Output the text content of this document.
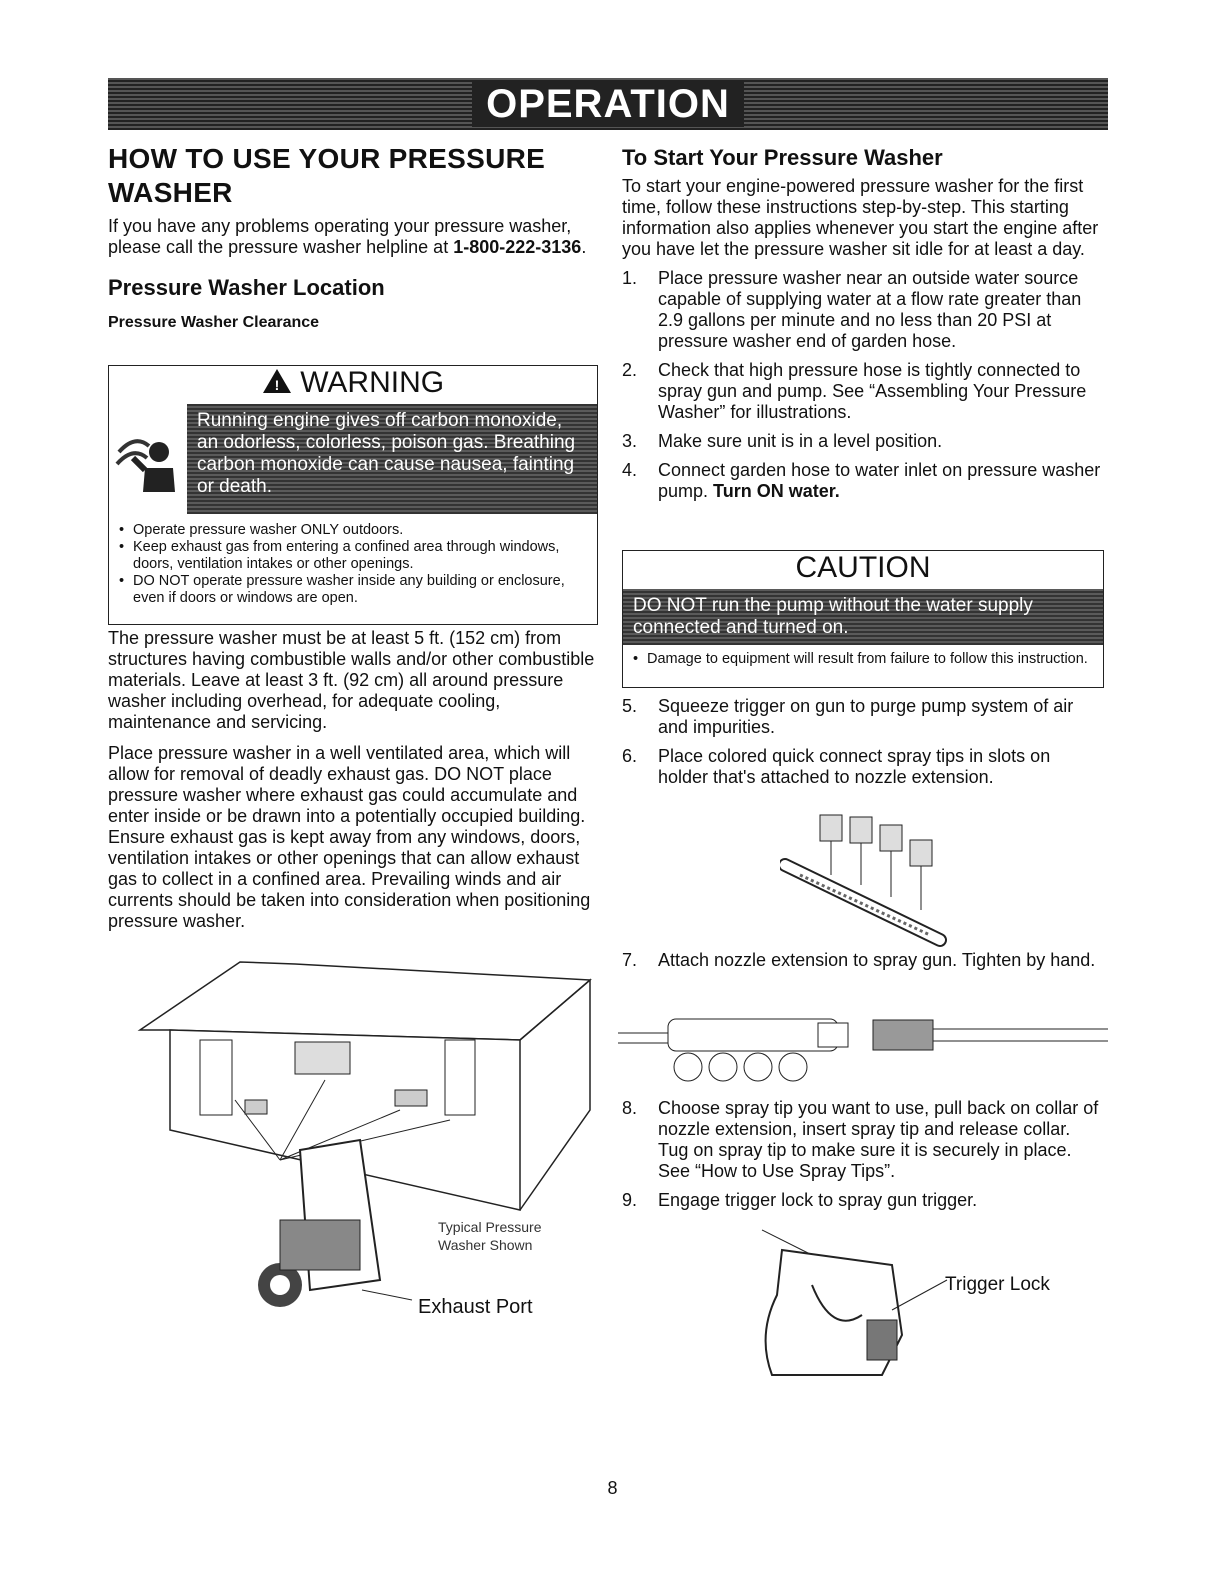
OPERATION
HOW TO USE YOUR PRESSURE WASHER

If you have any problems operating your pressure washer, please call the pressure washer helpline at 1-800-222-3136.

Pressure Washer Location
Pressure Washer Clearance
! WARNING
Running engine gives off carbon monoxide, an odorless, colorless, poison gas. Breathing carbon monoxide can cause nausea, fainting or death.
• Operate pressure washer ONLY outdoors.
• Keep exhaust gas from entering a confined area through windows, doors, ventilation intakes or other openings.
• DO NOT operate pressure washer inside any building or enclosure, even if doors or windows are open.

The pressure washer must be at least 5 ft. (152 cm) from structures having combustible walls and/or other combustible materials. Leave at least 3 ft. (92 cm) all around pressure washer including overhead, for adequate cooling, maintenance and servicing.

Place pressure washer in a well ventilated area, which will allow for removal of deadly exhaust gas. DO NOT place pressure washer where exhaust gas could accumulate and enter inside or be drawn into a potentially occupied building. Ensure exhaust gas is kept away from any windows, doors, ventilation intakes or other openings that can allow exhaust gas to collect in a confined area. Prevailing winds and air currents should be taken into consideration when positioning pressure washer.

Typical Pressure Washer Shown
Exhaust Port
To Start Your Pressure Washer

To start your engine-powered pressure washer for the first time, follow these instructions step-by-step. This starting information also applies whenever you start the engine after you have let the pressure washer sit idle for at least a day.

1. Place pressure washer near an outside water source capable of supplying water at a flow rate greater than 2.9 gallons per minute and no less than 20 PSI at pressure washer end of garden hose.
2. Check that high pressure hose is tightly connected to spray gun and pump. See “Assembling Your Pressure Washer” for illustrations.
3. Make sure unit is in a level position.
4. Connect garden hose to water inlet on pressure washer pump. Turn ON water.
CAUTION
DO NOT run the pump without the water supply connected and turned on.
• Damage to equipment will result from failure to follow this instruction.
5. Squeeze trigger on gun to purge pump system of air and impurities.
6. Place colored quick connect spray tips in slots on holder that's attached to nozzle extension.
7. Attach nozzle extension to spray gun. Tighten by hand.
8. Choose spray tip you want to use, pull back on collar of nozzle extension, insert spray tip and release collar. Tug on spray tip to make sure it is securely in place. See “How to Use Spray Tips”.
9. Engage trigger lock to spray gun trigger.
Trigger Lock
8
